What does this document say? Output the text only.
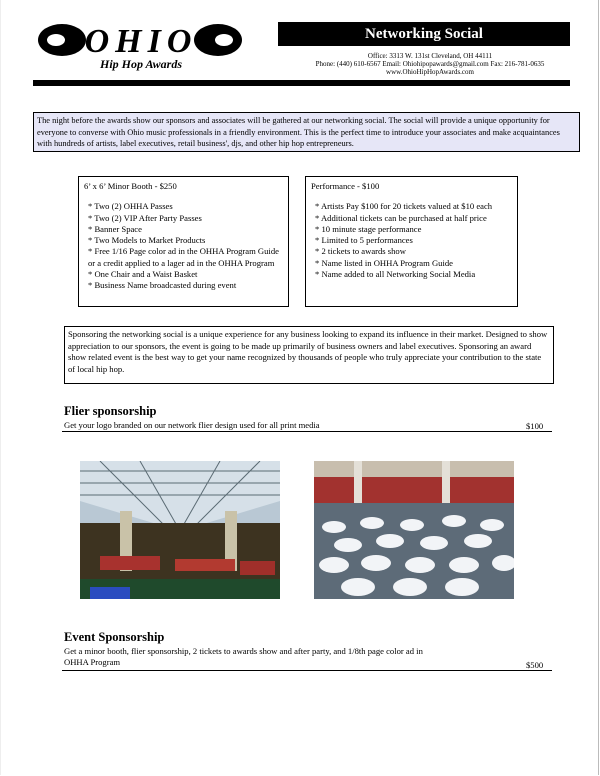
OHIO
Hip Hop Awards
Networking Social
Office: 3313 W. 131st Cleveland, OH 44111
Phone: (440) 610-6567 Email: Ohiohipopawards@gmail.com Fax: 216-781-0635
www.OhioHipHopAwards.com
The night before the awards show our sponsors and associates will be gathered at our networking social. The social will provide a unique opportunity for everyone to converse with Ohio music professionals in a friendly environment. This is the perfect time to introduce your associates and make acquaintances with hundreds of artists, label executives, retail business', djs, and other hip hop entrepreneurs.
6’ x 6’ Minor Booth - $250
* Two (2) OHHA Passes
* Two (2) VIP After Party Passes
* Banner Space
* Two Models to Market Products
* Free 1/16 Page color ad in the OHHA Program Guide or a credit applied to a lager ad in the OHHA Program
* One Chair and a Waist Basket
* Business Name broadcasted during event
Performance - $100
* Artists Pay $100 for 20 tickets valued at $10 each
* Additional tickets can be purchased at half price
* 10 minute stage performance
* Limited to 5 performances
* 2 tickets to awards show
* Name listed in OHHA Program Guide
* Name added to all Networking Social Media
Sponsoring the networking social is a unique experience for any business looking to expand its influence in their market. Designed to show appreciation to our sponsors, the event is going to be made up primarily of business owners and label executives. Sponsoring an award show related event is the best way to get your name recognized by thousands of people who truly appreciate your contribution to the state of local hip hop.
Flier sponsorship
Get your logo branded on our network flier design used for all print media	$100
Event Sponsorship
Get a minor booth, flier sponsorship, 2 tickets to awards show and after party, and 1/8th page color ad in OHHA Program	$500
